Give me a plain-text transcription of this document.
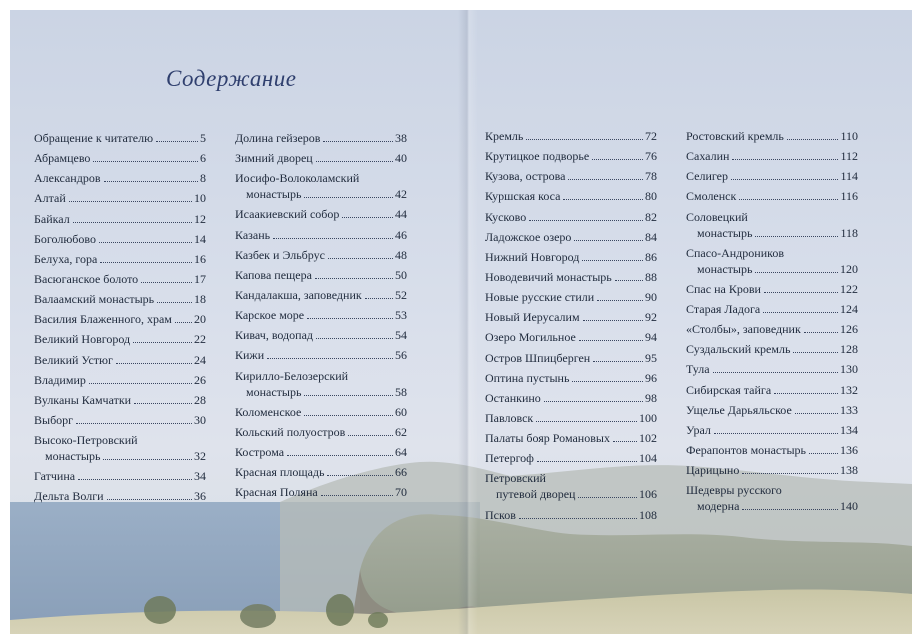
Содержание
Обращение к читателю	5
Абрамцево	6
Александров	8
Алтай	10
Байкал	12
Боголюбово	14
Белуха, гора	16
Васюганское болото	17
Валаамский монастырь	18
Василия Блаженного, храм 20
Великий Новгород	22
Великий Устюг	24
Владимир	26
Вулканы Камчатки	28
Выборг	30
Высоко-Петровский
монастырь	32
Гатчина	34
Дельта Волги	36
Долина гейзеров	38
Зимний дворец	40
Иосифо-Волоколамский
монастырь	42
Исаакиевский собор	44
Казань	46
Казбек и Эльбрус	48
Капова пещера	50
Кандалакша, заповедник	52
Карское море	53
Кивач, водопад	54
Кижи	56
Кирилло-Белозерский
монастырь	58
Коломенское	60
Кольский полуостров	62
Кострома	64
Красная площадь	66
Красная Поляна	70
Кремль	72
Крутицкое подворье	76
Кузова, острова	78
Куршская коса	80
Кусково	82
Ладожское озеро	84
Нижний Новгород	86
Новодевичий монастырь	88
Новые русские стили	90
Новый Иерусалим	92
Озеро Могильное	94
Остров Шпицберген	95
Оптина пустынь	96
Останкино	98
Павловск	100
Палаты бояр Романовых 102
Петергоф	104
Петровский
путевой дворец	106
Псков	108
Ростовский кремль	110
Сахалин	112
Селигер	114
Смоленск	116
Соловецкий
монастырь	118
Спасо-Андроников
монастырь	120
Спас на Крови	122
Старая Ладога	124
«Столбы», заповедник	126
Суздальский кремль	128
Тула	130
Сибирская тайга	132
Ущелье Дарьяльское	133
Урал	134
Ферапонтов монастырь	136
Царицыно	138
Шедевры русского
модерна	140
